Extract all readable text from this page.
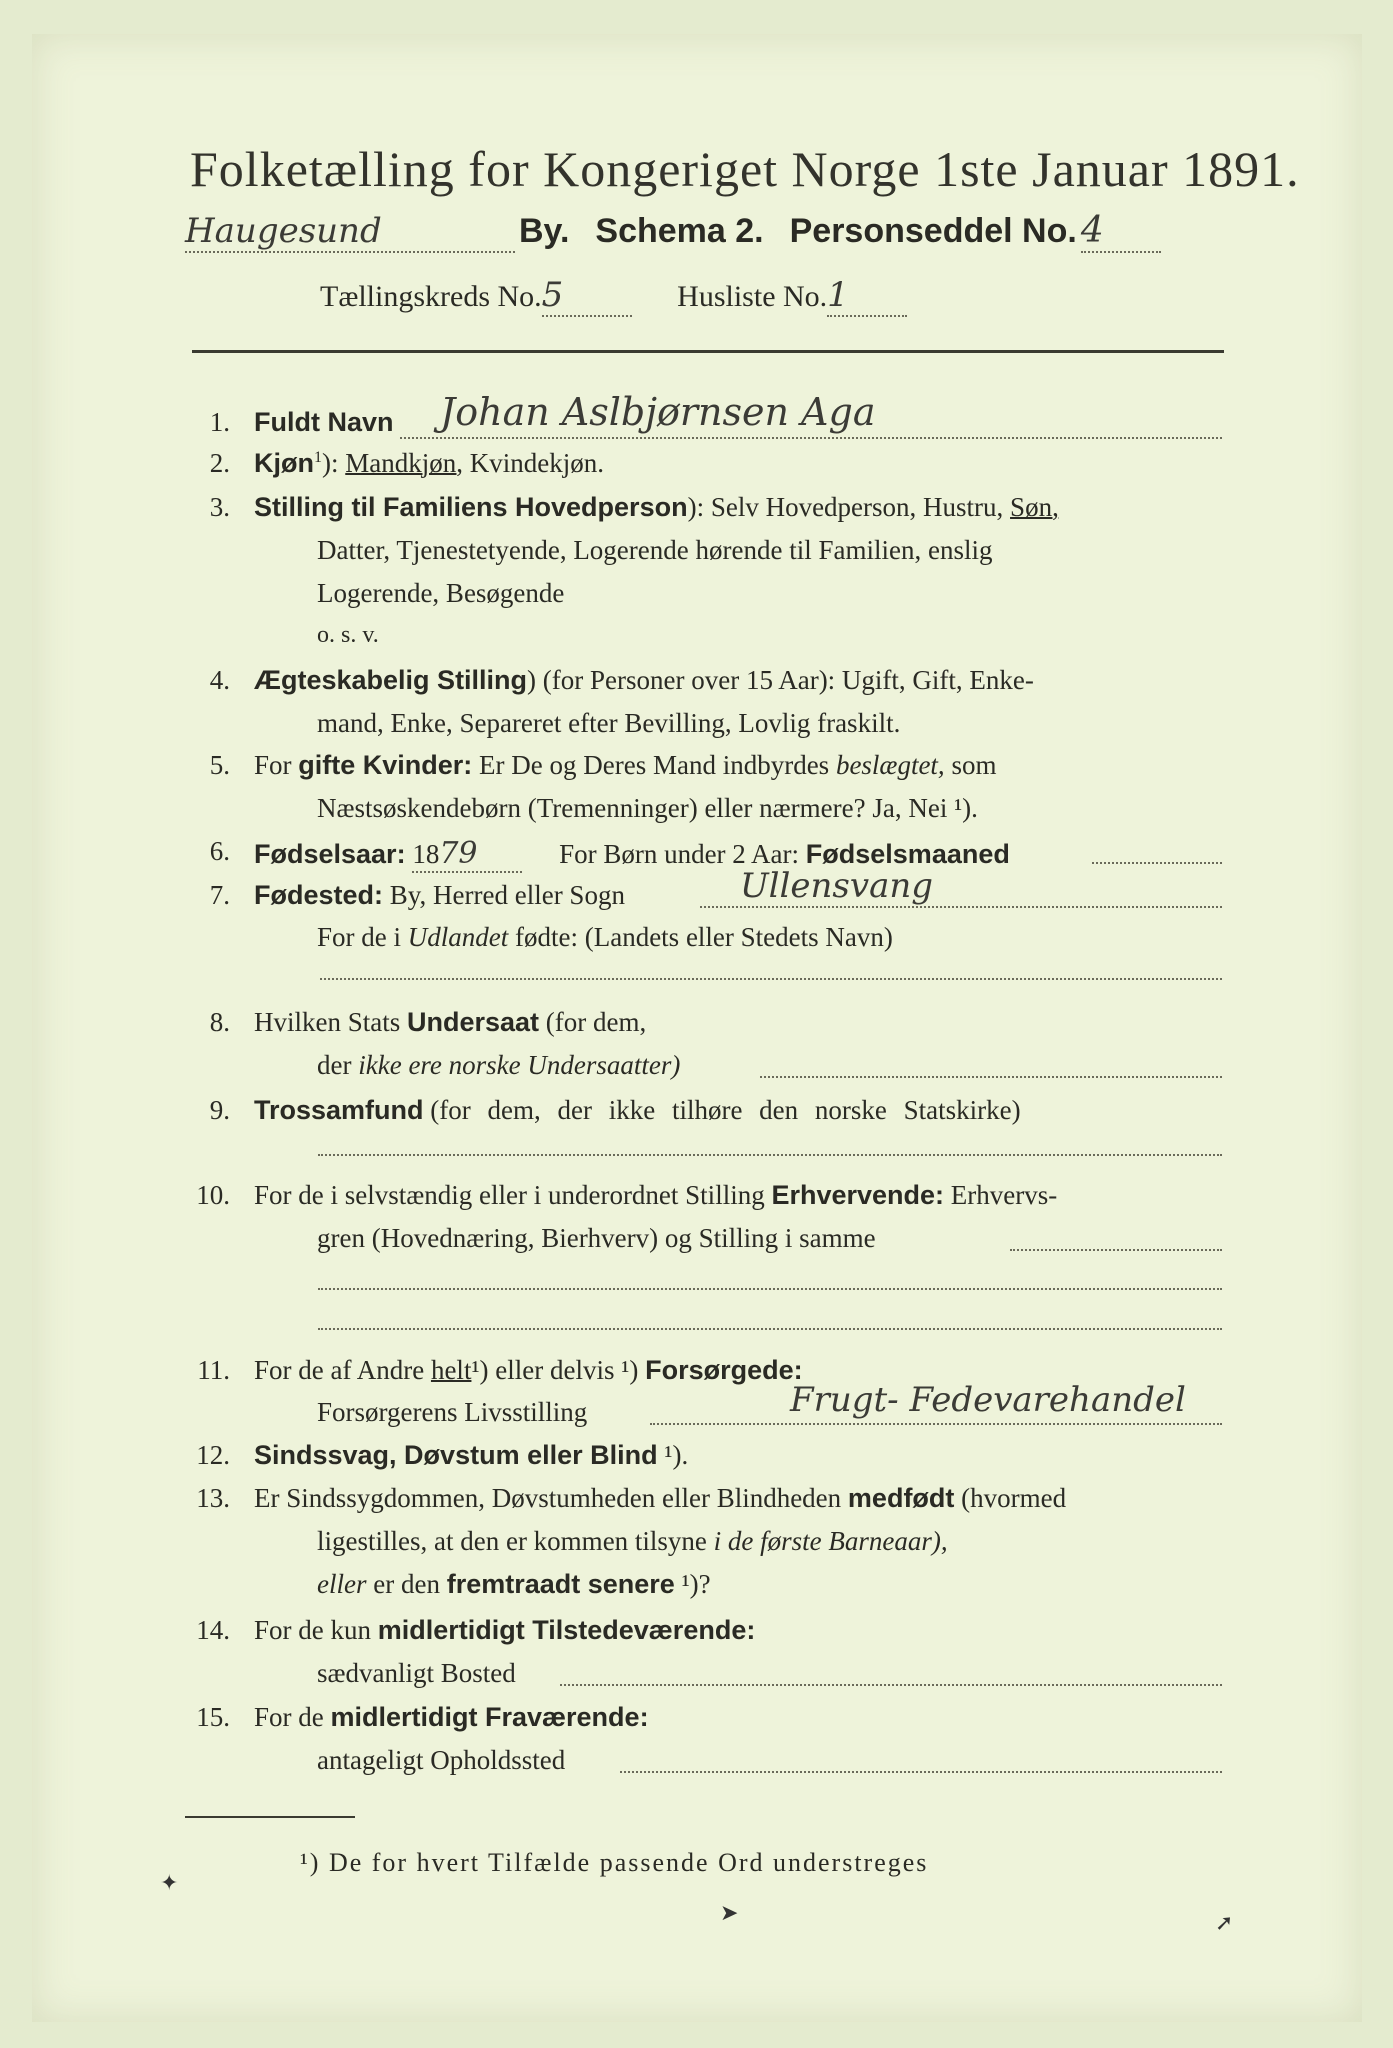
Folketælling for Kongeriget Norge 1ste Januar 1891.
Haugesund	By. Schema 2. Personseddel No. 4
Tællingskreds No.5	Husliste No.1
1. Fuldt Navn Johan Aslbjørnsen Aga
2. Kjøn$^1$): Mandkjøn, Kvindekjøn.
3. Stilling til Familiens Hovedperson): Selv Hovedperson, Hustru, Søn,
Datter, Tjenestetyende, Logerende hørende til Familien, enslig
Logerende, Besøgende
o. s. v.
4. Ægteskabelig Stilling) (for Personer over 15 Aar): Ugift, Gift, Enke-
mand, Enke, Separeret efter Bevilling, Lovlig fraskilt.
5. For gifte Kvinder: Er De og Deres Mand indbyrdes beslægtet, som
Næstsøskendebørn (Tremenninger) eller nærmere? Ja, Nei ¹).
6. Fødselsaar: 1879	For Børn under 2 Aar: Fødselsmaaned
7. Fødested: By, Herred eller Sogn	Ullensvang
For de i Udlandet fødte: (Landets eller Stedets Navn)
8. Hvilken Stats Undersaat (for dem,
der ikke ere norske Undersaatter)
9. Trossamfund (for dem, der ikke tilhøre den norske Statskirke)
10. For de i selvstændig eller i underordnet Stilling Erhvervende: Erhvervs-
gren (Hovednæring, Bierhverv) og Stilling i samme
11. For de af Andre helt¹) eller delvis ¹) Forsørgede:
Forsørgerens Livsstilling	Frugt- Fedevarehandel
12. Sindssvag, Døvstum eller Blind ¹).
13. Er Sindssygdommen, Døvstumheden eller Blindheden medfødt (hvormed
ligestilles, at den er kommen tilsyne i de første Barneaar),
eller er den fremtraadt senere ¹)?
14. For de kun midlertidigt Tilstedeværende:
sædvanligt Bosted
15. For de midlertidigt Fraværende:
antageligt Opholdssted
¹) De for hvert Tilfælde passende Ord understreges
✦
➤	➚
